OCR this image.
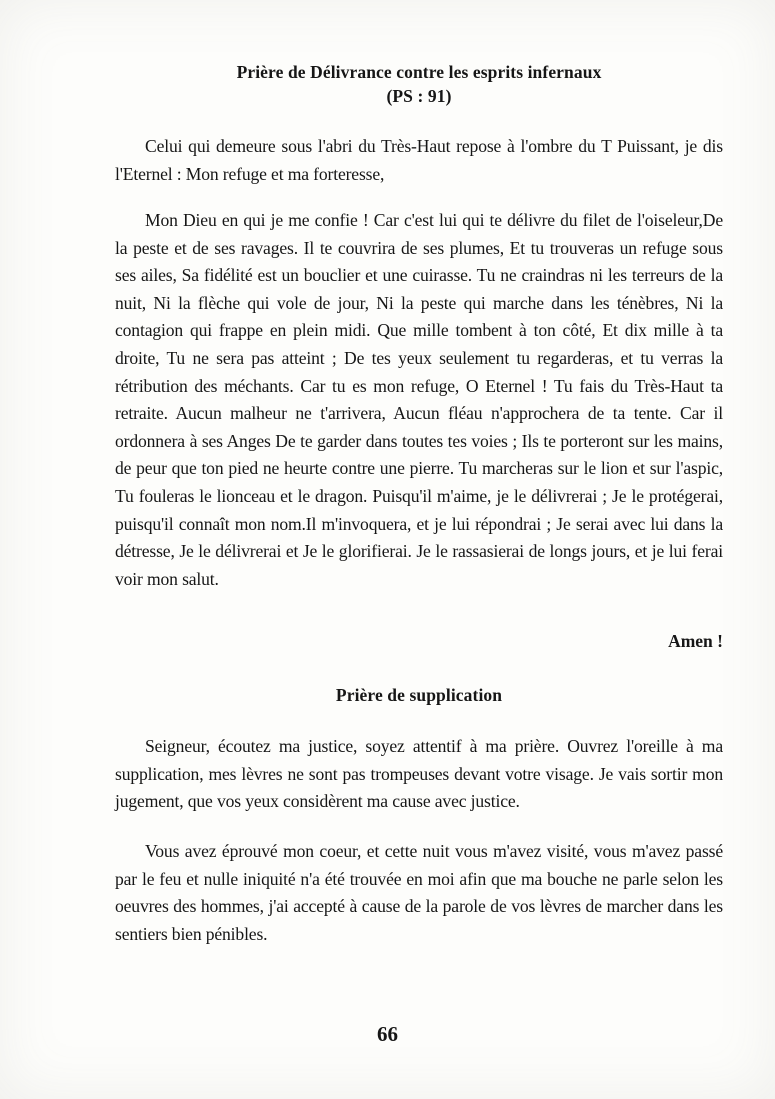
Prière de Délivrance contre les esprits infernaux
(PS : 91)

Celui qui demeure sous l'abri du Très-Haut repose à l'ombre du T Puissant, je dis l'Eternel : Mon refuge et ma forteresse,

Mon Dieu en qui je me confie ! Car c'est lui qui te délivre du filet de l'oiseleur,De la peste et de ses ravages. Il te couvrira de ses plumes, Et tu trouveras un refuge sous ses ailes, Sa fidélité est un bouclier et une cuirasse. Tu ne craindras ni les terreurs de la nuit, Ni la flèche qui vole de jour, Ni la peste qui marche dans les ténèbres, Ni la contagion qui frappe en plein midi. Que mille tombent à ton côté, Et dix mille à ta droite, Tu ne sera pas atteint ; De tes yeux seulement tu regarderas, et tu verras la rétribution des méchants. Car tu es mon refuge, O Eternel ! Tu fais du Très-Haut ta retraite. Aucun malheur ne t'arrivera, Aucun fléau n'approchera de ta tente. Car il ordonnera à ses Anges De te garder dans toutes tes voies ; Ils te porteront sur les mains, de peur que ton pied ne heurte contre une pierre. Tu marcheras sur le lion et sur l'aspic, Tu fouleras le lionceau et le dragon. Puisqu'il m'aime, je le délivrerai ; Je le protégerai, puisqu'il connaît mon nom.Il m'invoquera, et je lui répondrai ; Je serai avec lui dans la détresse, Je le délivrerai et Je le glorifierai. Je le rassasierai de longs jours, et je lui ferai voir mon salut.

Amen !
Prière de supplication

Seigneur, écoutez ma justice, soyez attentif à ma prière. Ouvrez l'oreille à ma supplication, mes lèvres ne sont pas trompeuses devant votre visage. Je vais sortir mon jugement, que vos yeux considèrent ma cause avec justice.

Vous avez éprouvé mon coeur, et cette nuit vous m'avez visité, vous m'avez passé par le feu et nulle iniquité n'a été trouvée en moi afin que ma bouche ne parle selon les oeuvres des hommes, j'ai accepté à cause de la parole de vos lèvres de marcher dans les sentiers bien pénibles.

66
